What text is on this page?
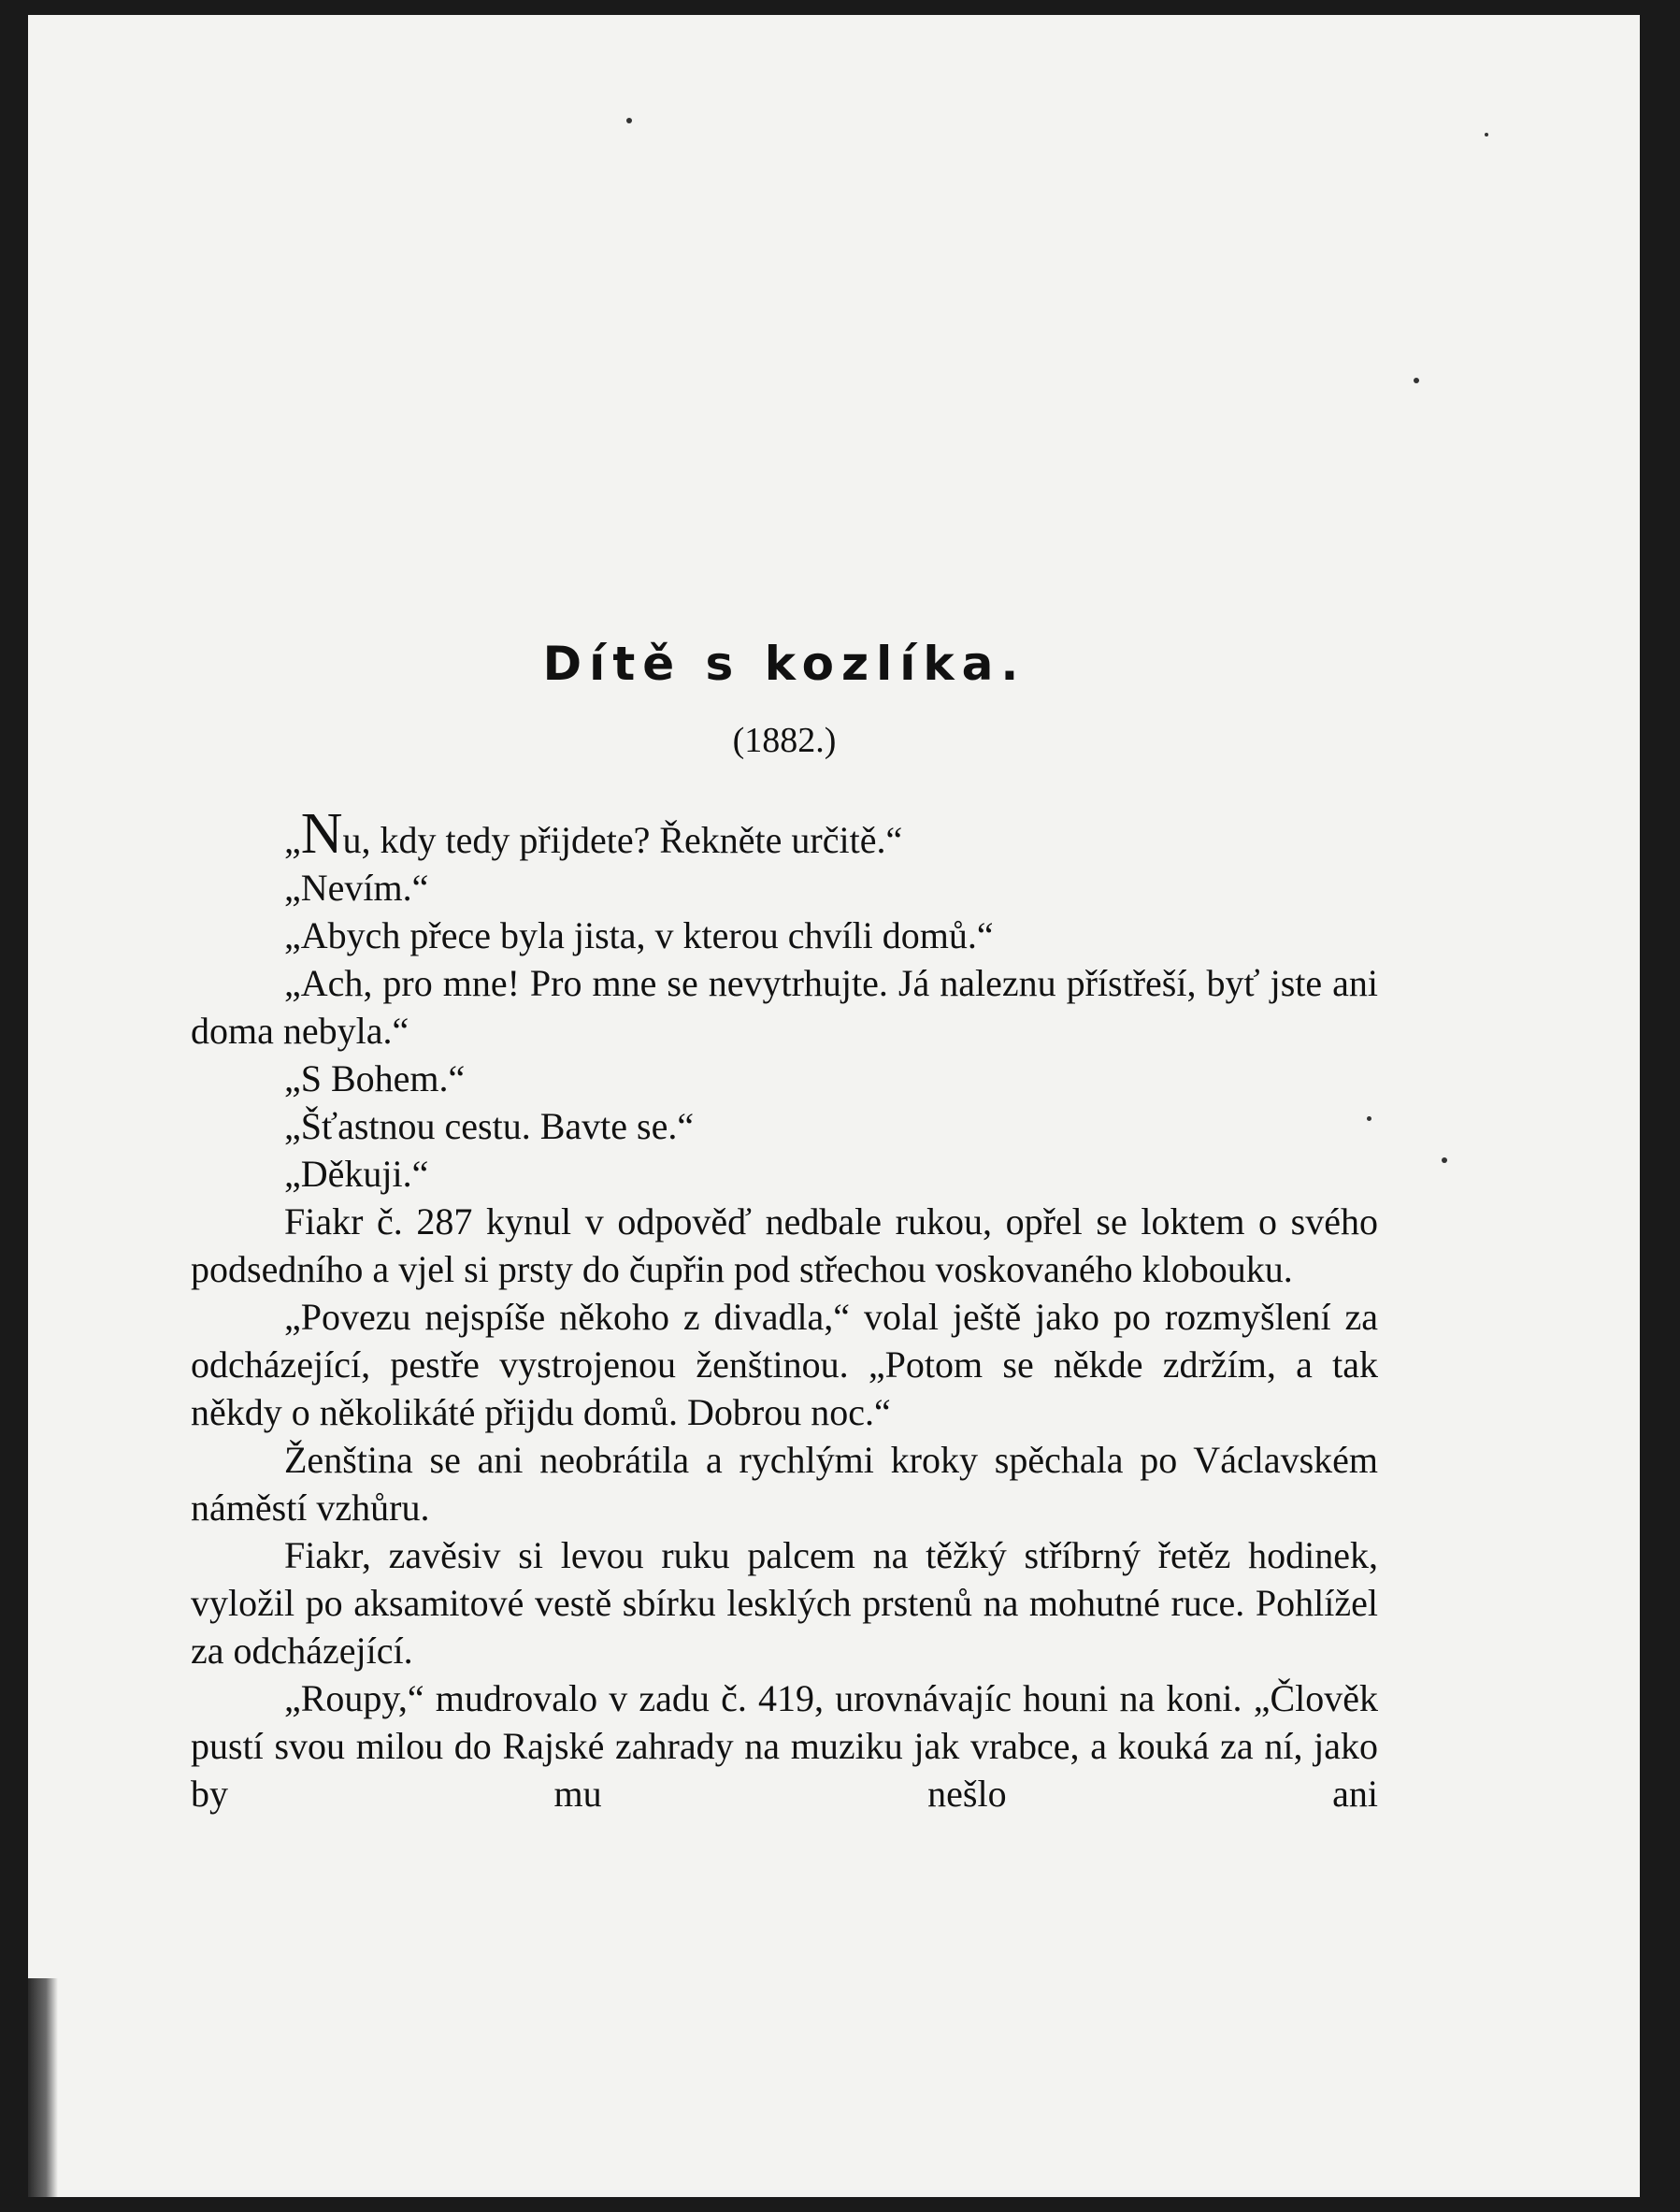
Dítě s kozlíka.
(1882.)

„Nu, kdy tedy přijdete? Řekněte určitě.“

„Nevím.“

„Abych přece byla jista, v kterou chvíli domů.“

„Ach, pro mne! Pro mne se nevytrhujte. Já naleznu přístřeší, byť jste ani doma nebyla.“

„S Bohem.“

„Šťastnou cestu. Bavte se.“

„Děkuji.“

Fiakr č. 287 kynul v odpověď nedbale rukou, opřel se loktem o svého podsedního a vjel si prsty do čupřin pod střechou voskovaného klobouku.

„Povezu nejspíše někoho z divadla,“ volal ještě jako po rozmyšlení za odcházející, pestře vystrojenou ženštinou. „Potom se někde zdržím, a tak někdy o několikáté přijdu domů. Dobrou noc.“

Ženština se ani neobrátila a rychlými kroky spěchala po Václavském náměstí vzhůru.

Fiakr, zavěsiv si levou ruku palcem na těžký stříbrný řetěz hodinek, vyložil po aksamitové vestě sbírku lesklých prstenů na mohutné ruce. Pohlížel za odcházející.

„Roupy,“ mudrovalo v zadu č. 419, urovnávajíc houni na koni. „Člověk pustí svou milou do Rajské zahrady na muziku jak vrabce, a kouká za ní, jako by mu nešlo ani
